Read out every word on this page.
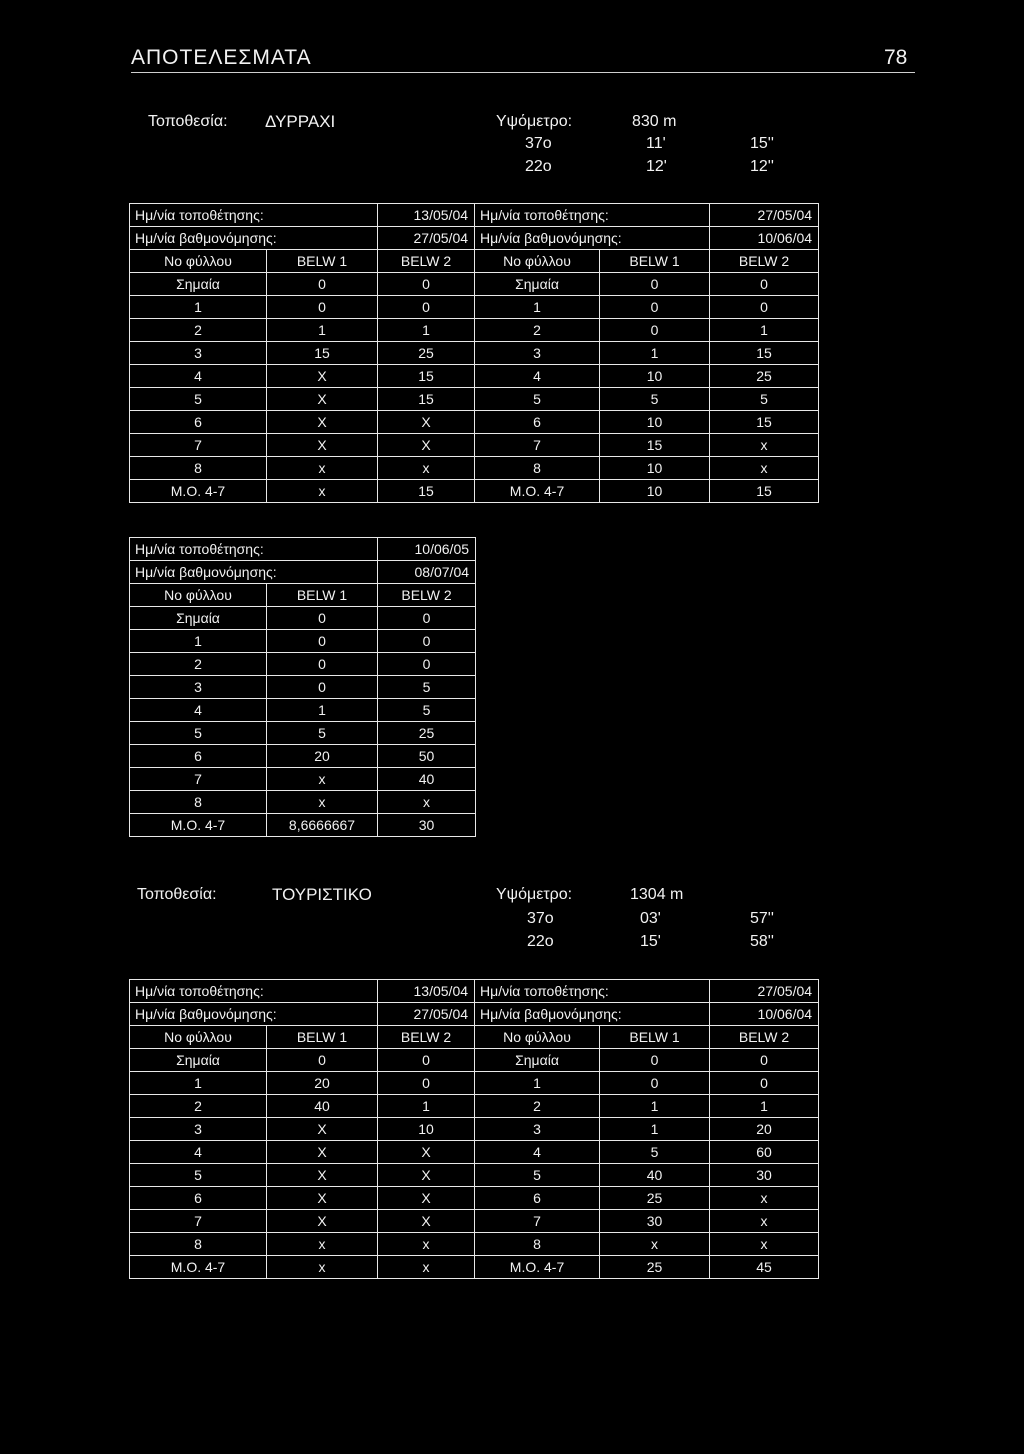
ΑΠΟΤΕΛΕΣΜΑΤΑ	78
Τοποθεσία: ΔΥΡΡΑΧΙ	Υψόμετρο:	830 m
37ο	11'	15''
22ο	12'	12''
Ημ/νία τοποθέτησης:		13/05/04	Ημ/νία τοποθέτησης:		27/05/04
Ημ/νία βαθμονόμησης:		27/05/04	Ημ/νία βαθμονόμησης:		10/06/04
Νο φύλλου	BELW 1	BELW 2	Νο φύλλου	BELW 1	BELW 2
Σημαία	0	0	Σημαία	0	0
1	0	0	1	0	0
2	1	1	2	0	1
3	15	25	3	1	15
4	X	15	4	10	25
5	X	15	5	5	5
6	X	X	6	10	15
7	X	X	7	15	x
8	x	x	8	10	x
Μ.Ο. 4-7	x	15	Μ.Ο. 4-7	10	15
Ημ/νία τοποθέτησης:		10/06/05
Ημ/νία βαθμονόμησης:		08/07/04
Νο φύλλου	BELW 1	BELW 2
Σημαία	0	0
1	0	0
2	0	0
3	0	5
4	1	5
5	5	25
6	20	50
7	x	40
8	x	x
Μ.Ο. 4-7	8,6666667	30
Τοποθεσία:	ΤΟΥΡΙΣΤΙΚΟ	Υψόμετρο:	1304 m
37ο	03'	57''
22ο	15'	58''
Ημ/νία τοποθέτησης:		13/05/04	Ημ/νία τοποθέτησης:		27/05/04
Ημ/νία βαθμονόμησης:		27/05/04	Ημ/νία βαθμονόμησης:		10/06/04
Νο φύλλου	BELW 1	BELW 2	Νο φύλλου	BELW 1	BELW 2
Σημαία	0	0	Σημαία	0	0
1	20	0	1	0	0
2	40	1	2	1	1
3	X	10	3	1	20
4	X	X	4	5	60
5	X	X	5	40	30
6	X	X	6	25	x
7	X	X	7	30	x
8	x	x	8	x	x
Μ.Ο. 4-7	x	x	Μ.Ο. 4-7	25	45
